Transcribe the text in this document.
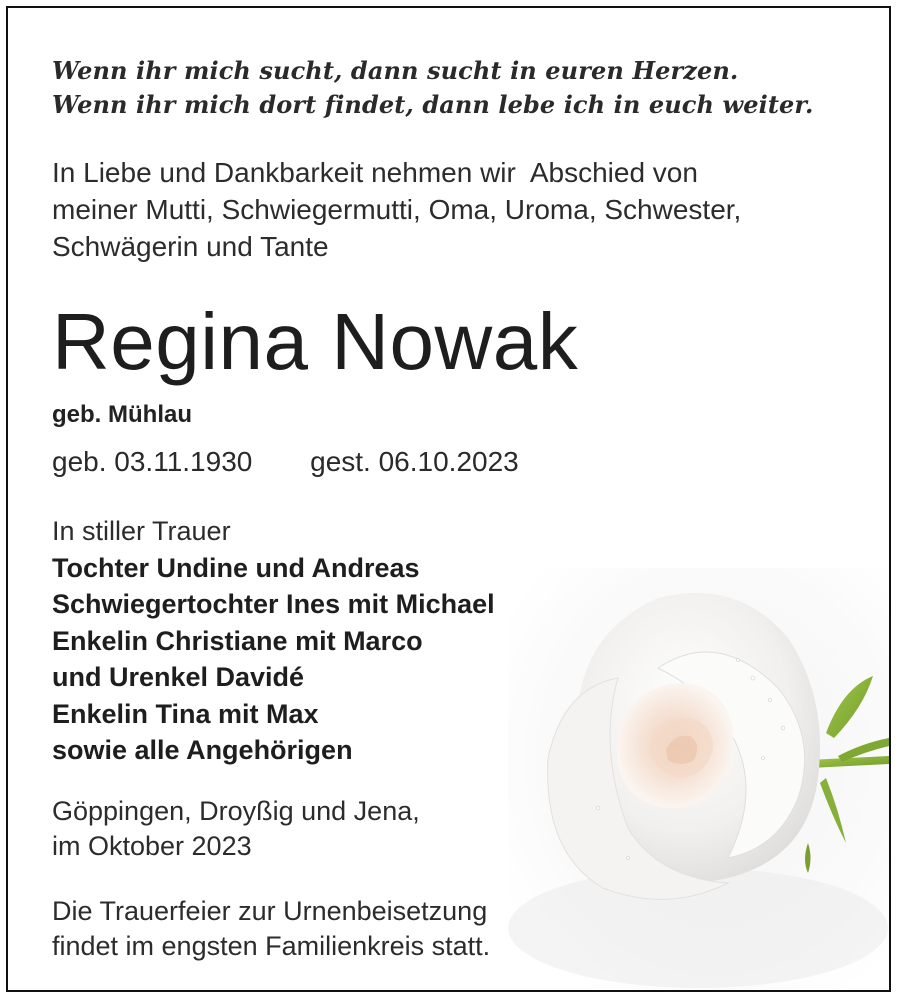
Wenn ihr mich sucht, dann sucht in euren Herzen.
Wenn ihr mich dort findet, dann lebe ich in euch weiter.
In Liebe und Dankbarkeit nehmen wir  Abschied von
meiner Mutti, Schwiegermutti, Oma, Uroma, Schwester,
Schwägerin und Tante
Regina Nowak
geb. Mühlau
geb. 03.11.1930 gest. 06.10.2023
In stiller Trauer
Tochter Undine und Andreas
Schwiegertochter Ines mit Michael
Enkelin Christiane mit Marco
und Urenkel Davidé
Enkelin Tina mit Max
sowie alle Angehörigen
Göppingen, Droyßig und Jena,
im Oktober 2023
Die Trauerfeier zur Urnenbeisetzung
findet im engsten Familienkreis statt.
